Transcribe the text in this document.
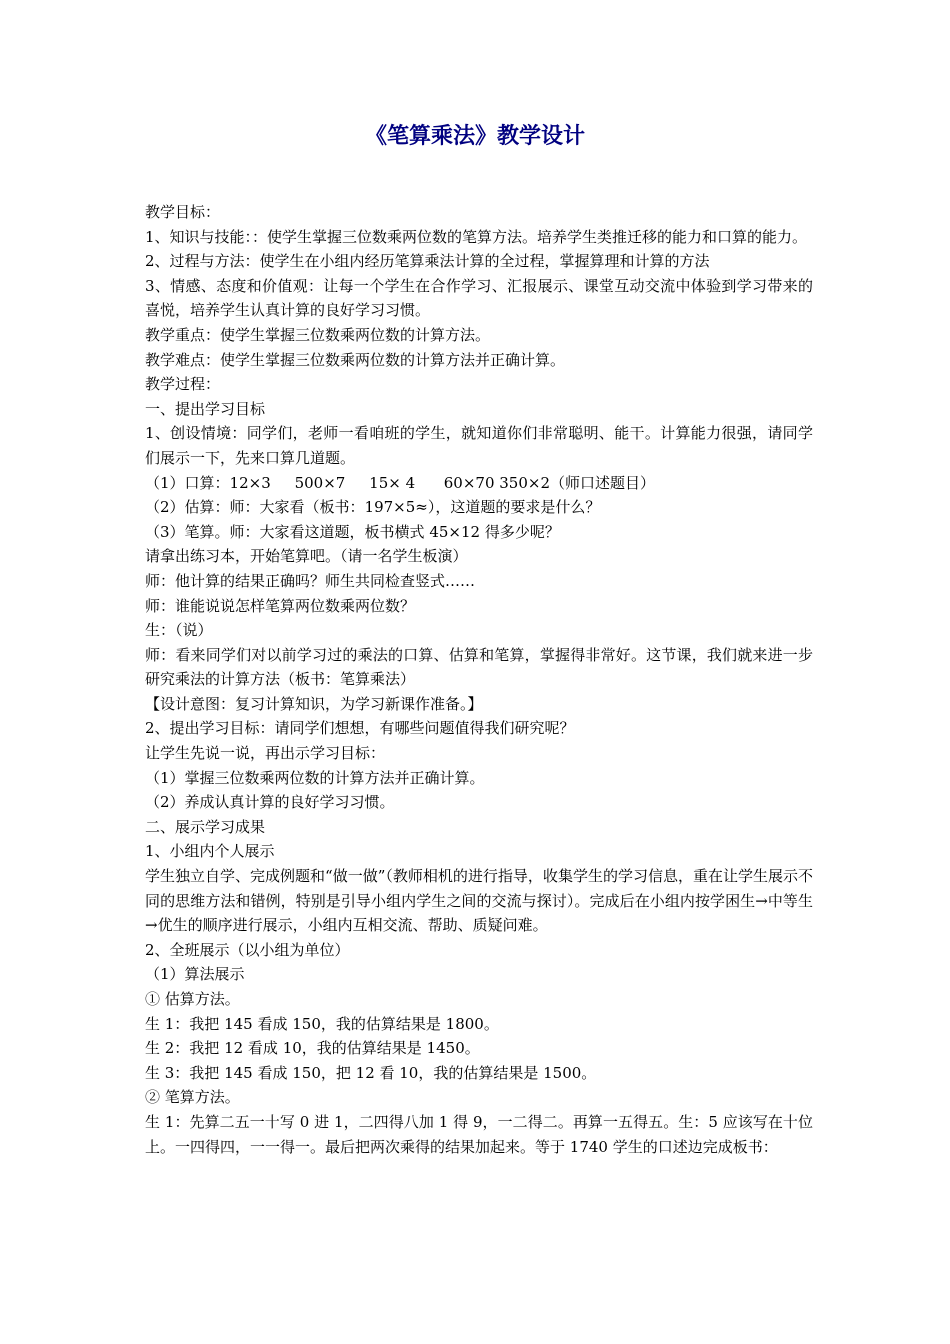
《笔算乘法》教学设计

教学目标：

1、知识与技能：：使学生掌握三位数乘两位数的笔算方法。培养学生类推迁移的能力和口算的能力。

2、过程与方法：使学生在小组内经历笔算乘法计算的全过程，掌握算理和计算的方法

3、情感、态度和价值观：让每一个学生在合作学习、汇报展示、课堂互动交流中体验到学习带来的喜悦，培养学生认真计算的良好学习习惯。

教学重点：使学生掌握三位数乘两位数的计算方法。

教学难点：使学生掌握三位数乘两位数的计算方法并正确计算。

教学过程：

一、提出学习目标

1、创设情境：同学们，老师一看咱班的学生，就知道你们非常聪明、能干。计算能力很强，请同学们展示一下，先来口算几道题。

（1）口算：12×3     500×7     15× 4      60×70 350×2（师口述题目）

（2）估算：师：大家看（板书：197×5≈），这道题的要求是什么？

（3）笔算。师：大家看这道题，板书横式 45×12 得多少呢？

请拿出练习本，开始笔算吧。（请一名学生板演）

师：他计算的结果正确吗？师生共同检查竖式……

师：谁能说说怎样笔算两位数乘两位数？

生：（说）

师：看来同学们对以前学习过的乘法的口算、估算和笔算，掌握得非常好。这节课，我们就来进一步研究乘法的计算方法（板书：笔算乘法）

【设计意图：复习计算知识，为学习新课作准备。】

2、提出学习目标：请同学们想想，有哪些问题值得我们研究呢？

让学生先说一说，再出示学习目标：

（1）掌握三位数乘两位数的计算方法并正确计算。

（2）养成认真计算的良好学习习惯。

二、展示学习成果

1、小组内个人展示

学生独立自学、完成例题和“做一做”（教师相机的进行指导，收集学生的学习信息，重在让学生展示不同的思维方法和错例，特别是引导小组内学生之间的交流与探讨）。完成后在小组内按学困生→中等生→优生的顺序进行展示，小组内互相交流、帮助、质疑问难。

2、全班展示（以小组为单位）

（1）算法展示

① 估算方法。

生 1：我把 145 看成 150，我的估算结果是 1800。

生 2：我把 12 看成 10，我的估算结果是 1450。

生 3：我把 145 看成 150，把 12 看 10，我的估算结果是 1500。

② 笔算方法。

生 1：先算二五一十写 0 进 1，二四得八加 1 得 9，一二得二。再算一五得五。生：5 应该写在十位上。一四得四，一一得一。最后把两次乘得的结果加起来。等于 1740 学生的口述边完成板书：
